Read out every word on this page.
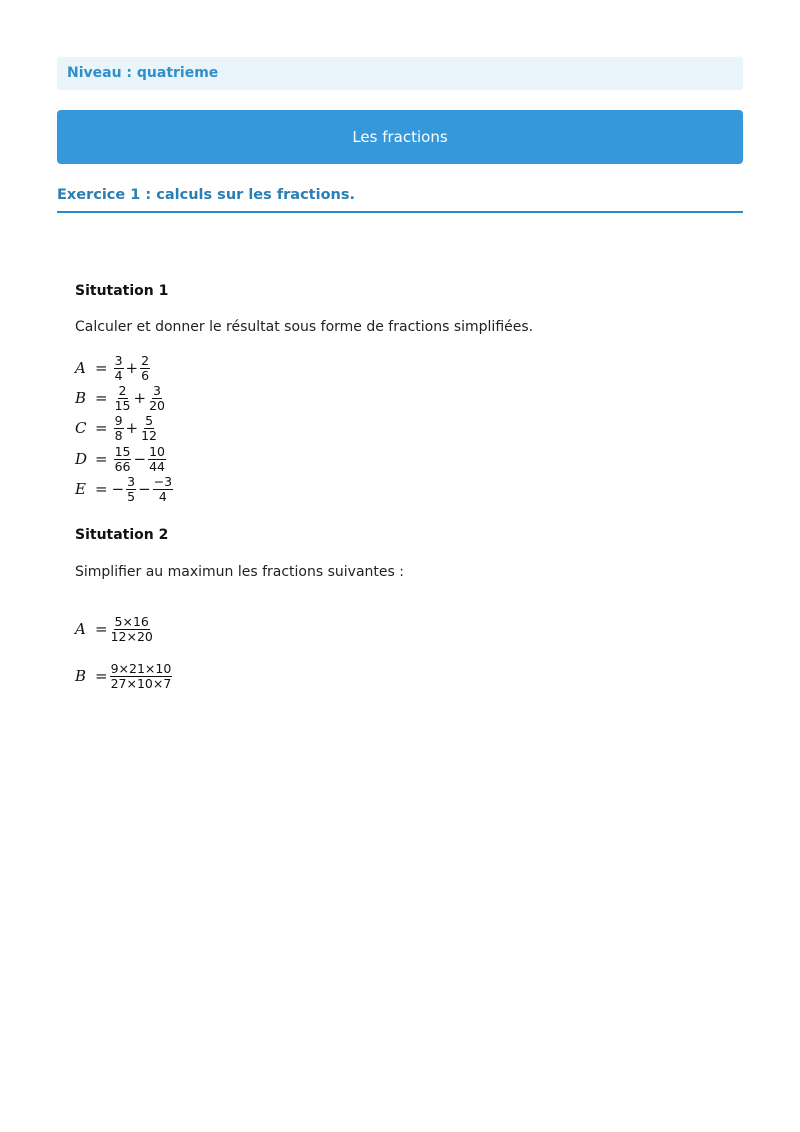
Niveau : quatrieme
Les fractions
Exercice 1 : calculs sur les fractions.
Situtation 1
Calculer et donner le résultat sous forme de fractions simplifiées.
$A = \frac{3}{4} + \frac{2}{6}$
$B = \frac{2}{15} + \frac{3}{20}$
$C = \frac{9}{8} + \frac{5}{12}$
$D = \frac{15}{66} - \frac{10}{44}$
E = − $\frac{3}{5} - \frac{-3}{4}$
Situtation 2
Simplifier au maximun les fractions suivantes :
$A = \frac{5\times 16}{12\times 20}$
$B = \frac{9\times 21\times 10}{27\times 10\times 7}$
